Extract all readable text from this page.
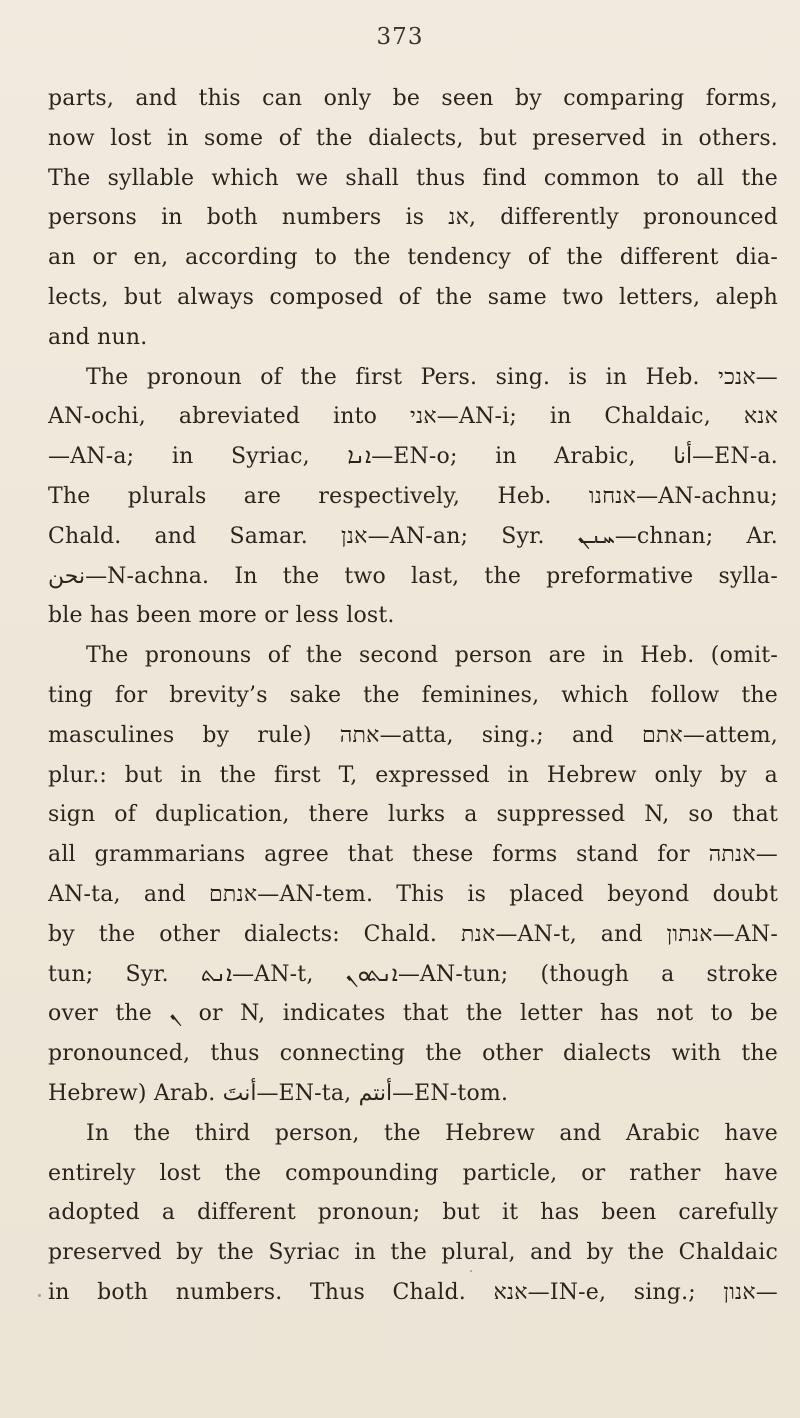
373
parts, and this can only be seen by comparing forms,
now lost in some of the dialects, but preserved in others.
The syllable which we shall thus find common to all the
persons in both numbers is אנ, differently pronounced
an or en, according to the tendency of the different dia-
lects, but always composed of the same two letters, aleph
and nun.
The pronoun of the first Pers. sing. is in Heb. אנכי—
AN-ochi, abreviated into אני—AN-i; in Chaldaic, אנא
—AN-a; in Syriac, ܐܢܐ—EN-o; in Arabic, أنا—EN-a.
The plurals are respectively, Heb. אנחנו—AN-achnu;
Chald. and Samar. אנן—AN-an; Syr. ܚܢܢ—chnan; Ar.
نحن—N-achna. In the two last, the preformative sylla-
ble has been more or less lost.
The pronouns of the second person are in Heb. (omit-
ting for brevity’s sake the feminines, which follow the
masculines by rule) אתה—atta, sing.; and אתם—attem,
plur.: but in the first T, expressed in Hebrew only by a
sign of duplication, there lurks a suppressed N, so that
all grammarians agree that these forms stand for אנתה—
AN-ta, and אנתם—AN-tem. This is placed beyond doubt
by the other dialects: Chald. אנת—AN-t, and אנתון—AN-
tun; Syr. ܐܢܬ—AN-t, ܐܢܬܘܢ—AN-tun; (though a stroke
over the ܢ or N, indicates that the letter has not to be
pronounced, thus connecting the other dialects with the
Hebrew) Arab. أنتَ—EN-ta, أنتم—EN-tom.
In the third person, the Hebrew and Arabic have
entirely lost the compounding particle, or rather have
adopted a different pronoun; but it has been carefully
preserved by the Syriac in the plural, and by the Chaldaic
in both numbers. Thus Chald. אנא—IN-e, sing.; אנון—
